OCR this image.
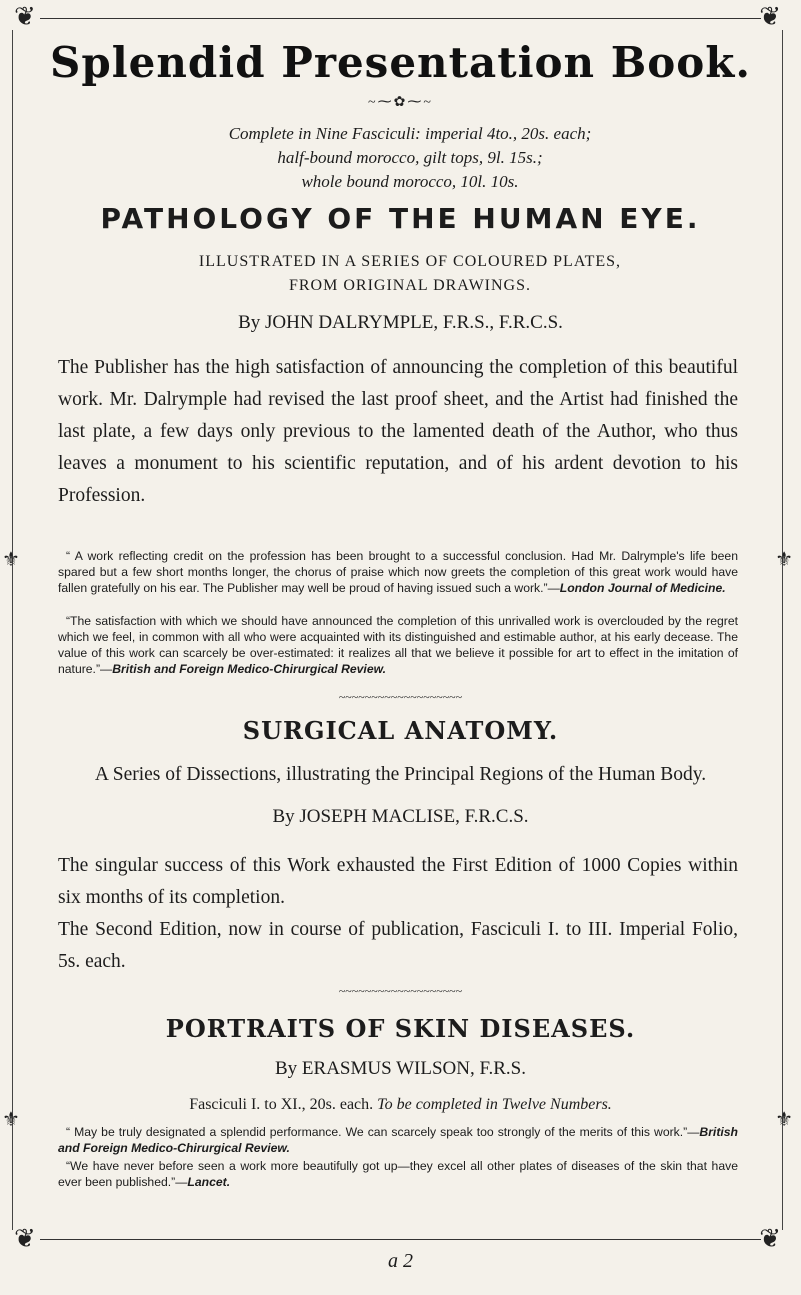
❦	❦
❦	❦
⚜	⚜
⚜	⚜
Splendid Presentation Book.
~⁓✿⁓~
Complete in Nine Fasciculi: imperial 4to., 20s. each;
half-bound morocco, gilt tops, 9l. 15s.;
whole bound morocco, 10l. 10s.
PATHOLOGY OF THE HUMAN EYE.
ILLUSTRATED IN A SERIES OF COLOURED PLATES,
FROM ORIGINAL DRAWINGS.
By JOHN DALRYMPLE, F.R.S., F.R.C.S.
The Publisher has the high satisfaction of announcing the completion of this beautiful work. Mr. Dalrymple had revised the last proof sheet, and the Artist had finished the last plate, a few days only previous to the lamented death of the Author, who thus leaves a monument to his scientific reputation, and of his ardent devotion to his Profession.
“ A work reflecting credit on the profession has been brought to a successful conclusion. Had Mr. Dalrymple's life been spared but a few short months longer, the chorus of praise which now greets the completion of this great work would have fallen gratefully on his ear. The Publisher may well be proud of having issued such a work.”—London Journal of Medicine.
“The satisfaction with which we should have announced the completion of this unrivalled work is overclouded by the regret which we feel, in common with all who were acquainted with its distinguished and estimable author, at his early decease. The value of this work can scarcely be over-estimated: it realizes all that we believe it possible for art to effect in the imitation of nature.”—British and Foreign Medico-Chirurgical Review.
~~~~~~~~~~~~~~~~~~~
SURGICAL ANATOMY.
A Series of Dissections, illustrating the Principal Regions of the Human Body.
By JOSEPH MACLISE, F.R.C.S.
The singular success of this Work exhausted the First Edition of 1000 Copies within six months of its completion.
The Second Edition, now in course of publication, Fasciculi I. to III. Imperial Folio, 5s. each.
~~~~~~~~~~~~~~~~~~~
PORTRAITS OF SKIN DISEASES.
By ERASMUS WILSON, F.R.S.
Fasciculi I. to XI., 20s. each. To be completed in Twelve Numbers.
“ May be truly designated a splendid performance. We can scarcely speak too strongly of the merits of this work.”—British and Foreign Medico-Chirurgical Review.
“We have never before seen a work more beautifully got up—they excel all other plates of diseases of the skin that have ever been published.”—Lancet.
a 2
